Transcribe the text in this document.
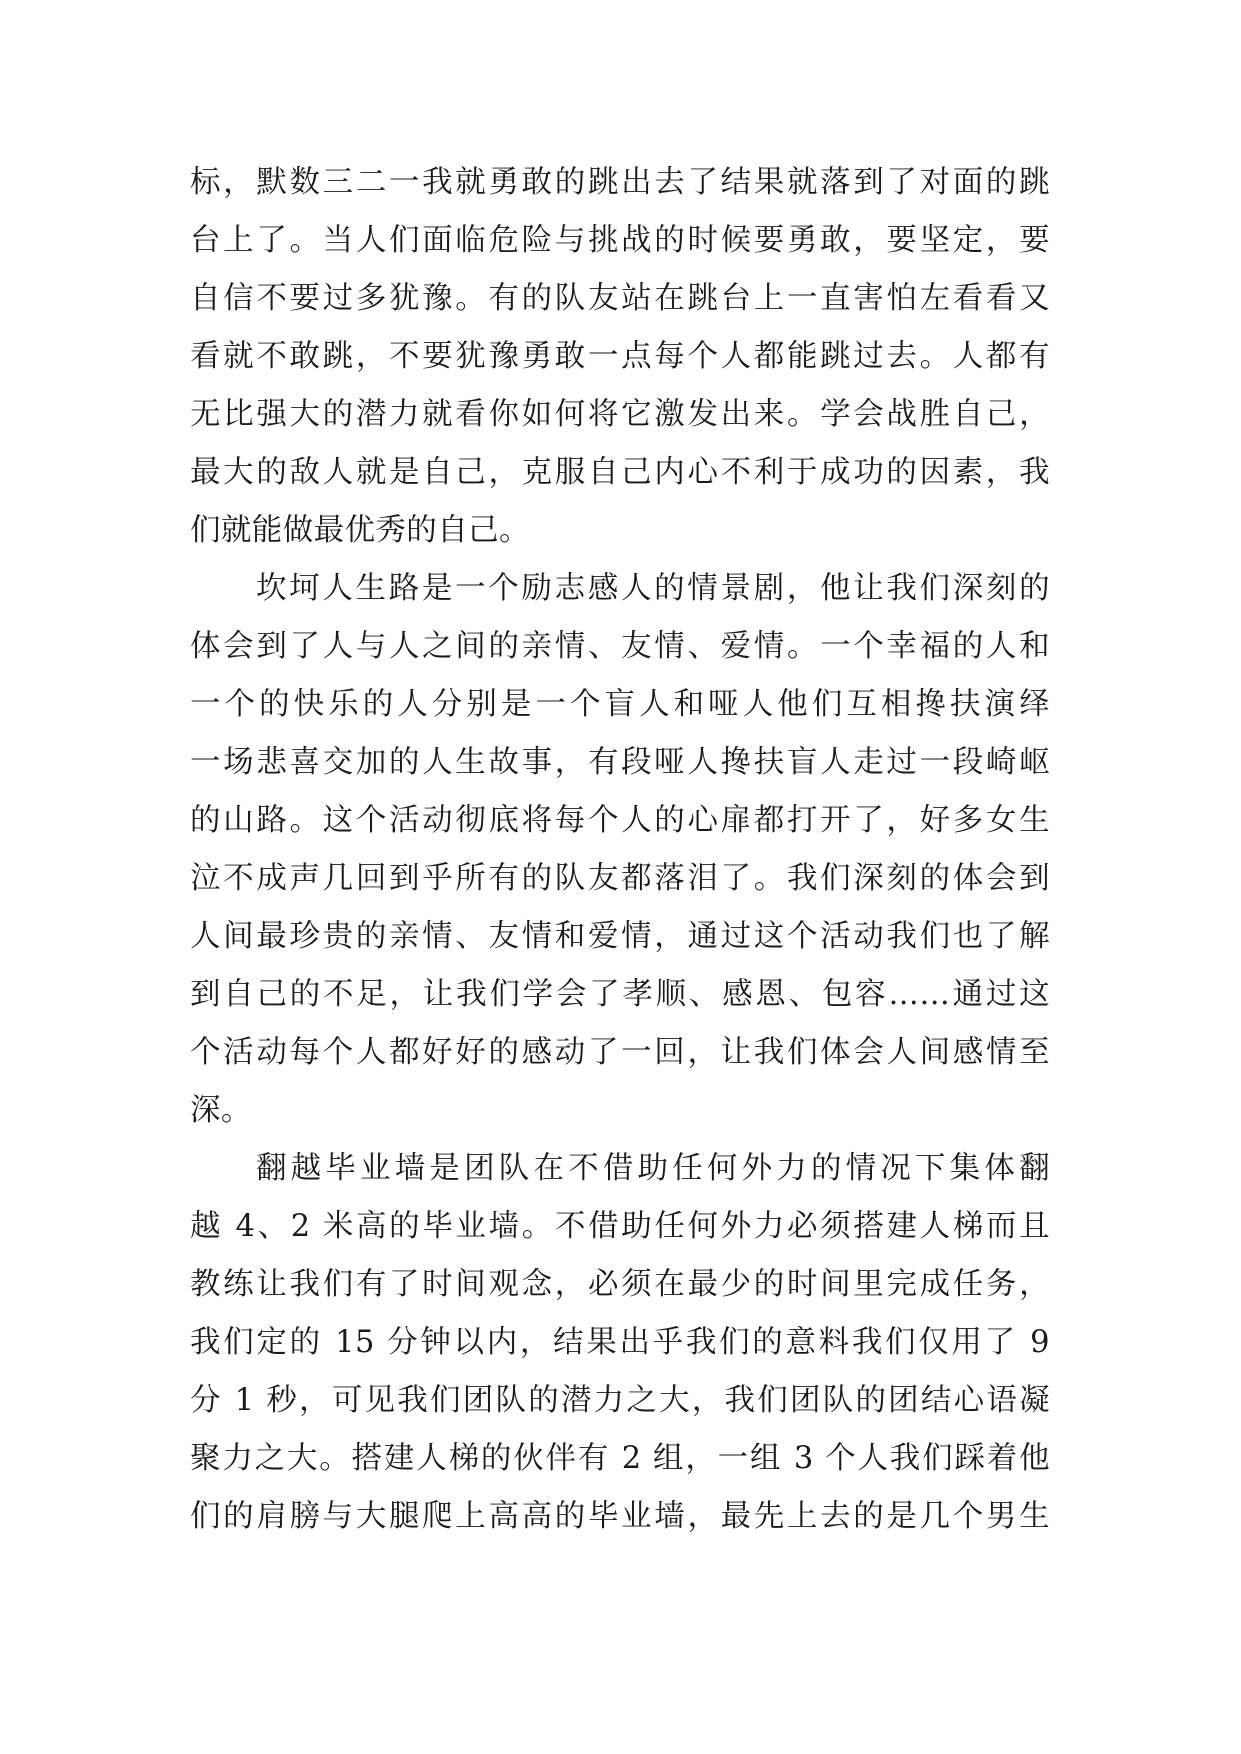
标，默数三二一我就勇敢的跳出去了结果就落到了对面的跳
台上了。当人们面临危险与挑战的时候要勇敢，要坚定，要
自信不要过多犹豫。有的队友站在跳台上一直害怕左看看又
看就不敢跳，不要犹豫勇敢一点每个人都能跳过去。人都有
无比强大的潜力就看你如何将它激发出来。学会战胜自己，
最大的敌人就是自己，克服自己内心不利于成功的因素，我
们就能做最优秀的自己。
坎坷人生路是一个励志感人的情景剧，他让我们深刻的
体会到了人与人之间的亲情、友情、爱情。一个幸福的人和
一个的快乐的人分别是一个盲人和哑人他们互相搀扶演绎
一场悲喜交加的人生故事，有段哑人搀扶盲人走过一段崎岖
的山路。这个活动彻底将每个人的心扉都打开了，好多女生
泣不成声几回到乎所有的队友都落泪了。我们深刻的体会到
人间最珍贵的亲情、友情和爱情，通过这个活动我们也了解
到自己的不足，让我们学会了孝顺、感恩、包容……通过这
个活动每个人都好好的感动了一回，让我们体会人间感情至
深。
翻越毕业墙是团队在不借助任何外力的情况下集体翻
越 4、2 米高的毕业墙。不借助任何外力必须搭建人梯而且
教练让我们有了时间观念，必须在最少的时间里完成任务，
我们定的 15 分钟以内，结果出乎我们的意料我们仅用了 9
分 1 秒，可见我们团队的潜力之大，我们团队的团结心语凝
聚力之大。搭建人梯的伙伴有 2 组，一组 3 个人我们踩着他
们的肩膀与大腿爬上高高的毕业墙，最先上去的是几个男生
